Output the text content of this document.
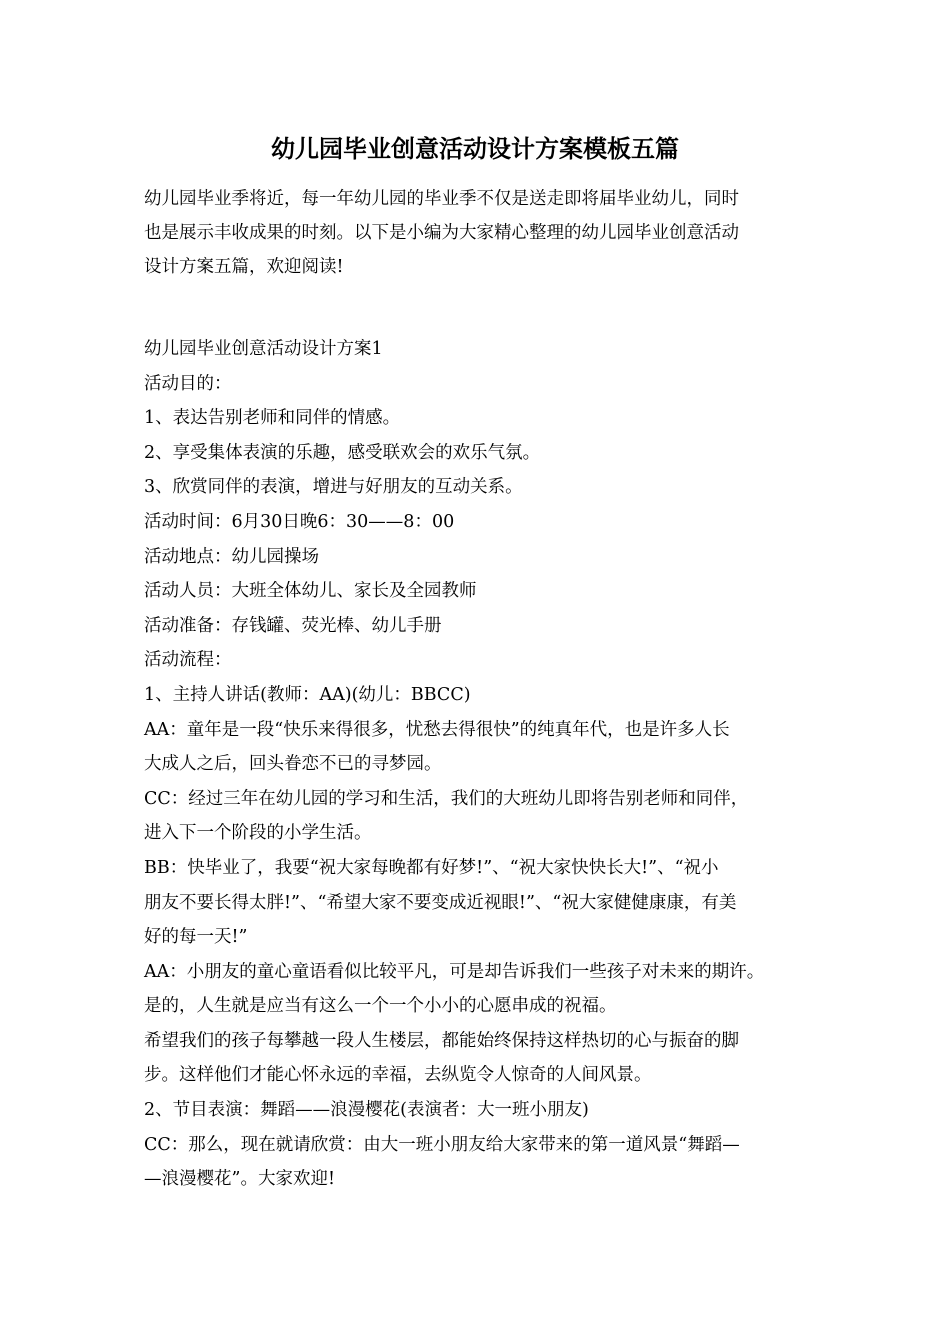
幼儿园毕业创意活动设计方案模板五篇

幼儿园毕业季将近，每一年幼儿园的毕业季不仅是送走即将届毕业幼儿，同时

也是展示丰收成果的时刻。以下是小编为大家精心整理的幼儿园毕业创意活动

设计方案五篇，欢迎阅读!

幼儿园毕业创意活动设计方案1

活动目的：

1、表达告别老师和同伴的情感。

2、享受集体表演的乐趣，感受联欢会的欢乐气氛。

3、欣赏同伴的表演，增进与好朋友的互动关系。

活动时间：6月30日晚6：30——8：00

活动地点：幼儿园操场

活动人员：大班全体幼儿、家长及全园教师

活动准备：存钱罐、荧光棒、幼儿手册

活动流程：

1、主持人讲话(教师：AA)(幼儿：BBCC)

AA：童年是一段“快乐来得很多，忧愁去得很快”的纯真年代，也是许多人长

大成人之后，回头眷恋不已的寻梦园。

CC：经过三年在幼儿园的学习和生活，我们的大班幼儿即将告别老师和同伴，

进入下一个阶段的小学生活。

BB：快毕业了，我要“祝大家每晚都有好梦!”、“祝大家快快长大!”、“祝小

朋友不要长得太胖!”、“希望大家不要变成近视眼!”、“祝大家健健康康，有美

好的每一天!”

AA：小朋友的童心童语看似比较平凡，可是却告诉我们一些孩子对未来的期许。

是的，人生就是应当有这么一个一个小小的心愿串成的祝福。

希望我们的孩子每攀越一段人生楼层，都能始终保持这样热切的心与振奋的脚

步。这样他们才能心怀永远的幸福，去纵览令人惊奇的人间风景。

2、节目表演：舞蹈——浪漫樱花(表演者：大一班小朋友)

CC：那么，现在就请欣赏：由大一班小朋友给大家带来的第一道风景“舞蹈—

—浪漫樱花”。大家欢迎!
